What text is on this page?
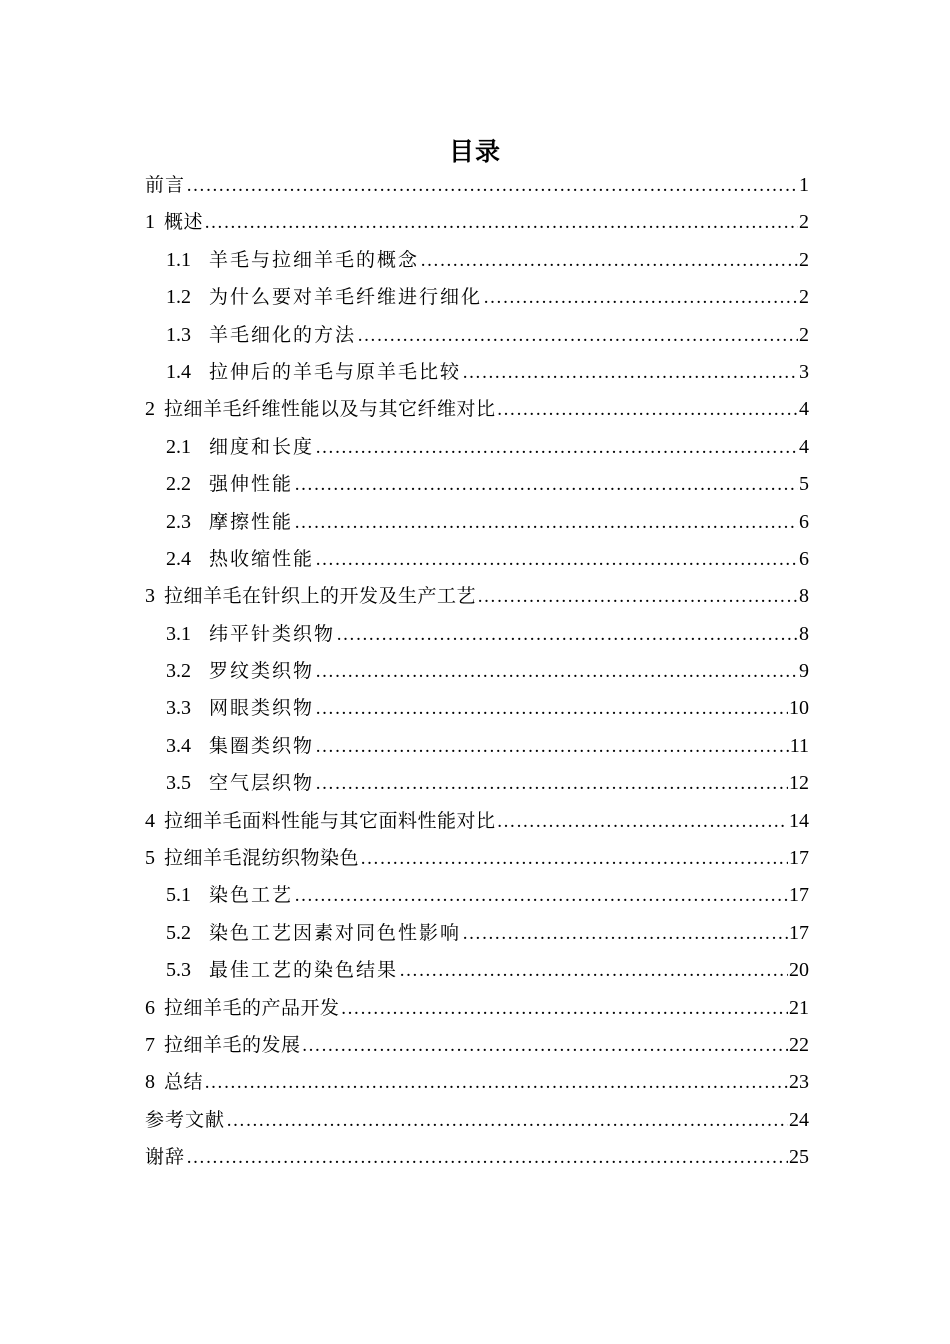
目录
前言 ……………………………………………………………………………………………………………………………………………………………………	1
1 概述 ……………………………………………………………………………………………………………………………………………………………………	2
1.1 羊毛与拉细羊毛的概念 ……………………………………………………………………………………………………………………………………………………………………	2
1.2 为什么要对羊毛纤维进行细化 ……………………………………………………………………………………………………………………………………………………………………	2
1.3 羊毛细化的方法 ……………………………………………………………………………………………………………………………………………………………………	2
1.4 拉伸后的羊毛与原羊毛比较 ……………………………………………………………………………………………………………………………………………………………………	3
2 拉细羊毛纤维性能以及与其它纤维对比 ……………………………………………………………………………………………………………………………………………………………………	4
2.1 细度和长度 ……………………………………………………………………………………………………………………………………………………………………	4
2.2 强伸性能 ……………………………………………………………………………………………………………………………………………………………………	5
2.3 摩擦性能 ……………………………………………………………………………………………………………………………………………………………………	6
2.4 热收缩性能 ……………………………………………………………………………………………………………………………………………………………………	6
3 拉细羊毛在针织上的开发及生产工艺 ……………………………………………………………………………………………………………………………………………………………………	8
3.1 纬平针类织物 ……………………………………………………………………………………………………………………………………………………………………	8
3.2 罗纹类织物 ……………………………………………………………………………………………………………………………………………………………………	9
3.3 网眼类织物 ……………………………………………………………………………………………………………………………………………………………………	10
3.4 集圈类织物 ……………………………………………………………………………………………………………………………………………………………………	11
3.5 空气层织物 ……………………………………………………………………………………………………………………………………………………………………	12
4 拉细羊毛面料性能与其它面料性能对比 ……………………………………………………………………………………………………………………………………………………………………	14
5 拉细羊毛混纺织物染色 ……………………………………………………………………………………………………………………………………………………………………	17
5.1 染色工艺 ……………………………………………………………………………………………………………………………………………………………………	17
5.2 染色工艺因素对同色性影响 ……………………………………………………………………………………………………………………………………………………………………	17
5.3 最佳工艺的染色结果 ……………………………………………………………………………………………………………………………………………………………………	20
6 拉细羊毛的产品开发 ……………………………………………………………………………………………………………………………………………………………………	21
7 拉细羊毛的发展 ……………………………………………………………………………………………………………………………………………………………………	22
8 总结 ……………………………………………………………………………………………………………………………………………………………………	23
参考文献 ……………………………………………………………………………………………………………………………………………………………………	24
谢辞 ……………………………………………………………………………………………………………………………………………………………………	25
